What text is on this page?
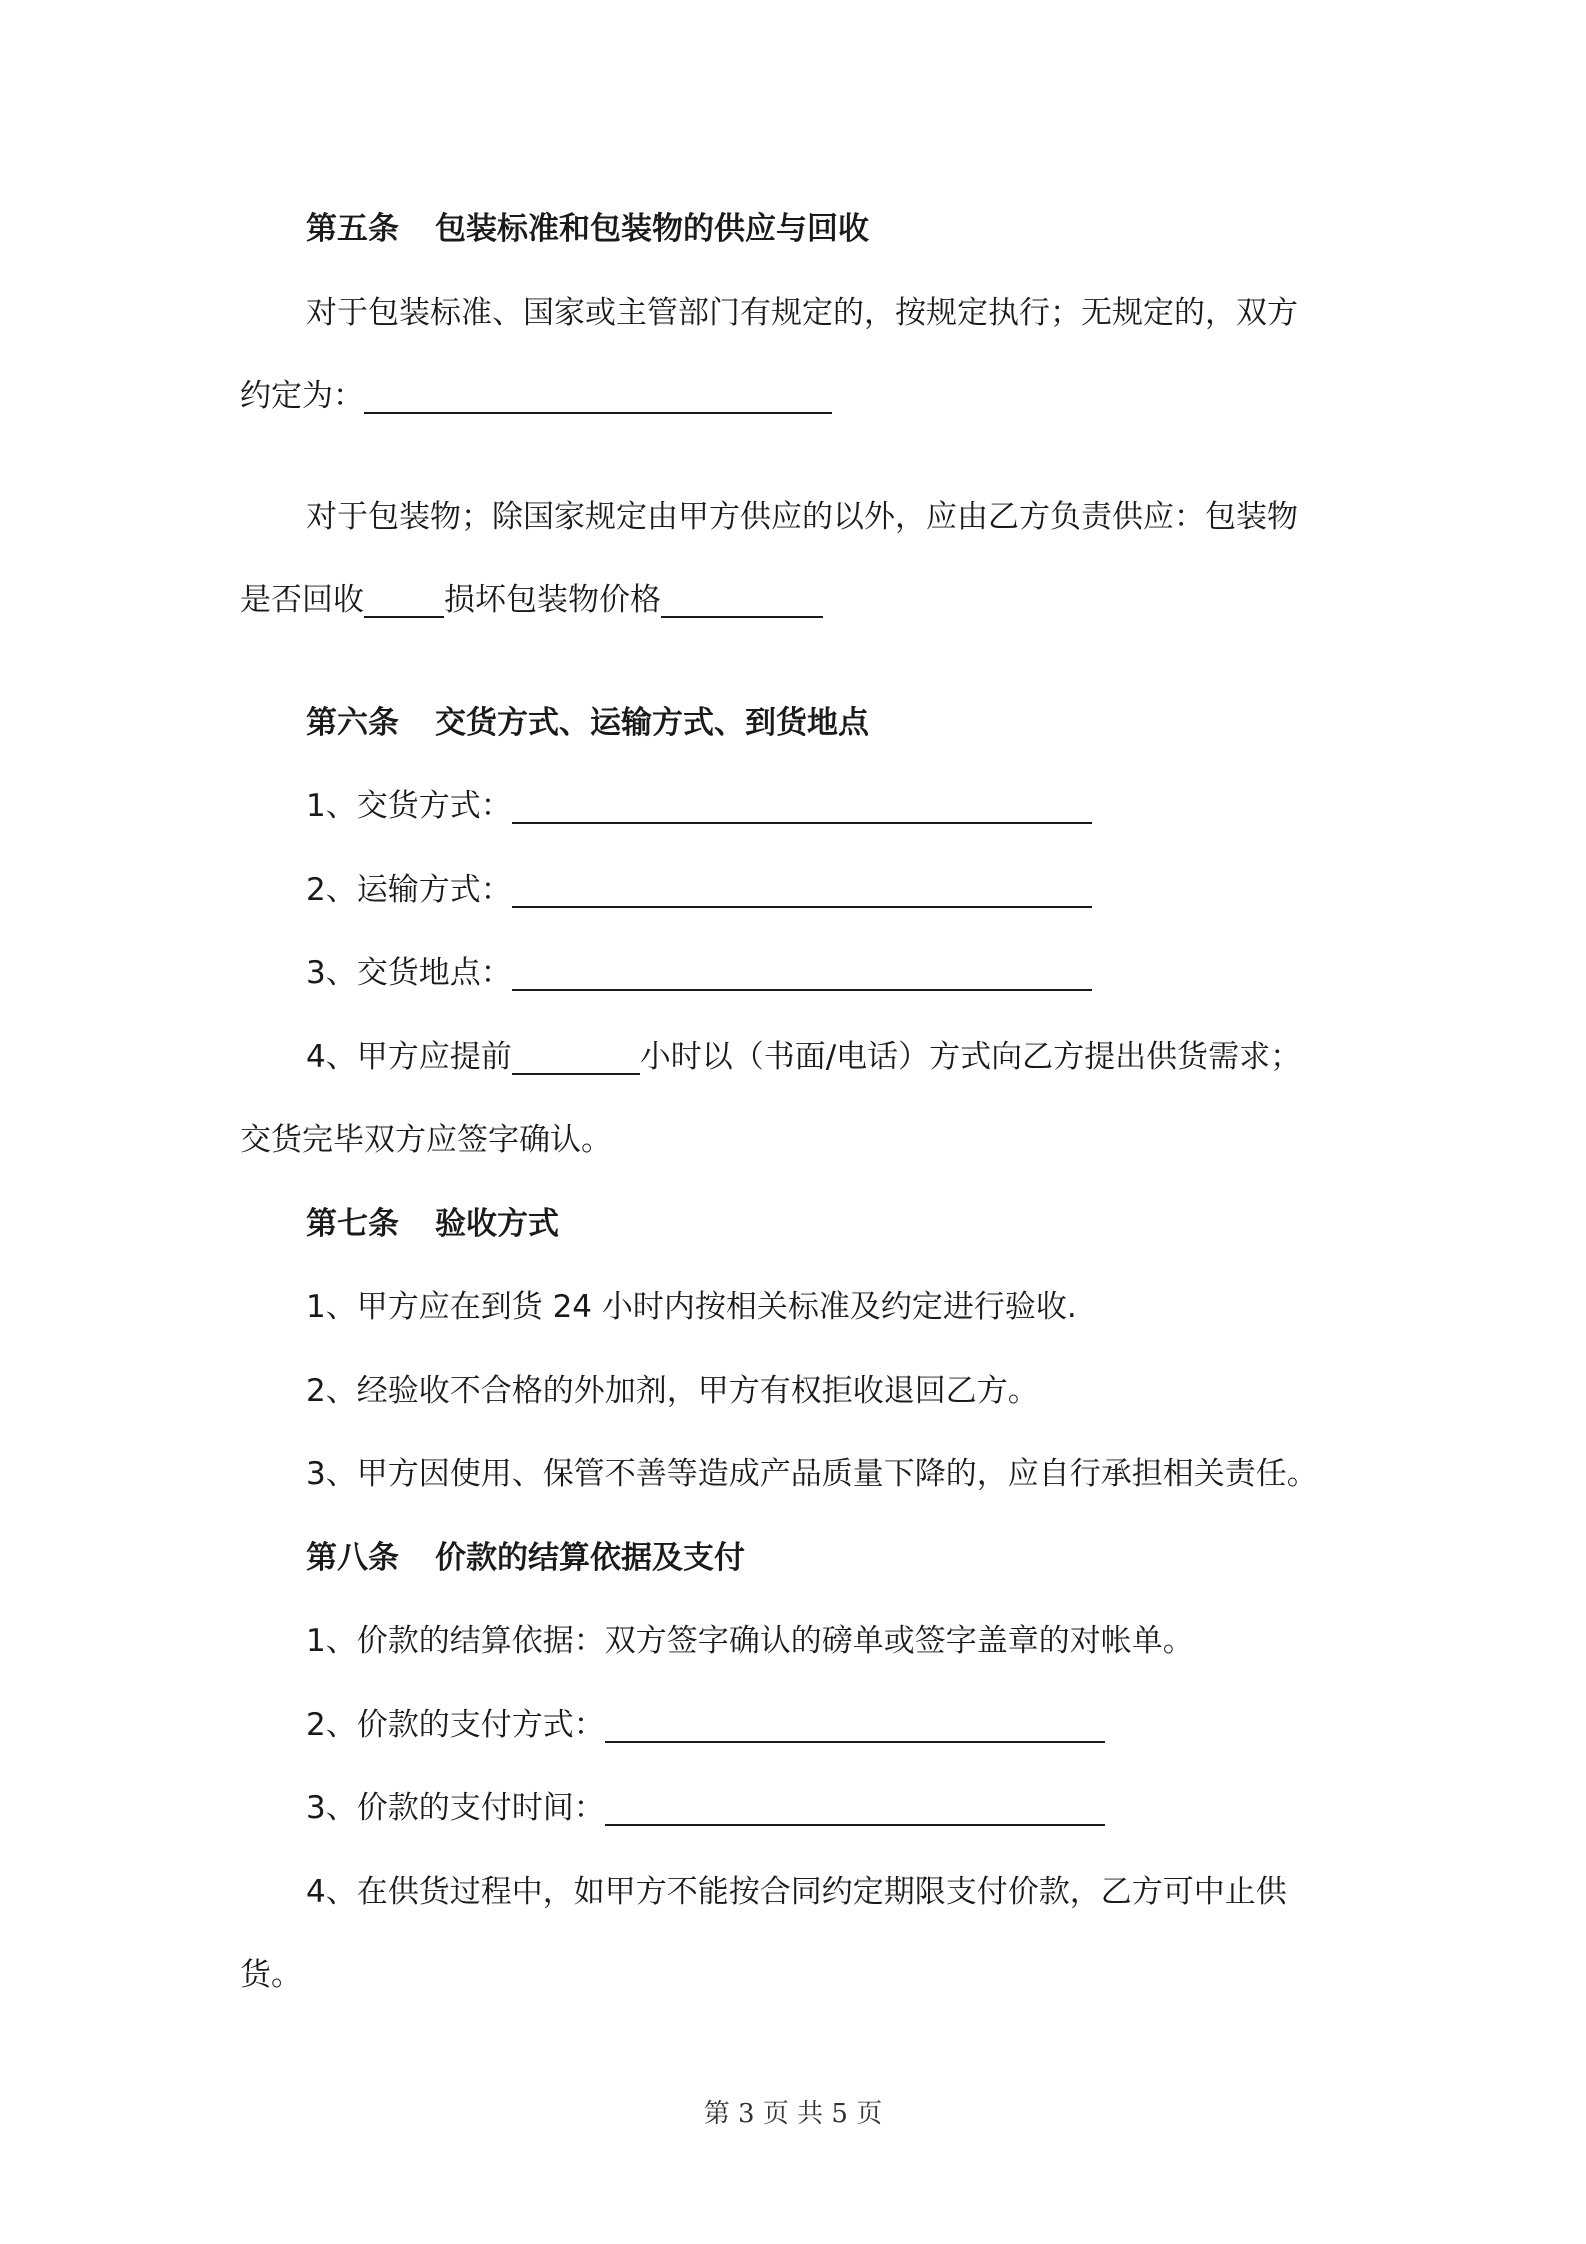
第五条 包装标准和包装物的供应与回收
对于包装标准、国家或主管部门有规定的，按规定执行；无规定的，双方
约定为：
对于包装物；除国家规定由甲方供应的以外，应由乙方负责供应：包装物
是否回收	损坏包装物价格
第六条 交货方式、运输方式、到货地点
1、交货方式：
2、运输方式：
3、交货地点：
4、甲方应提前	小时以（书面/电话）方式向乙方提出供货需求；
交货完毕双方应签字确认。
第七条 验收方式
1、甲方应在到货 24 小时内按相关标准及约定进行验收.
2、经验收不合格的外加剂，甲方有权拒收退回乙方。
3、甲方因使用、保管不善等造成产品质量下降的，应自行承担相关责任。
第八条 价款的结算依据及支付
1、价款的结算依据：双方签字确认的磅单或签字盖章的对帐单。
2、价款的支付方式：
3、价款的支付时间：
4、在供货过程中，如甲方不能按合同约定期限支付价款，乙方可中止供
货。
第 3 页 共 5 页
